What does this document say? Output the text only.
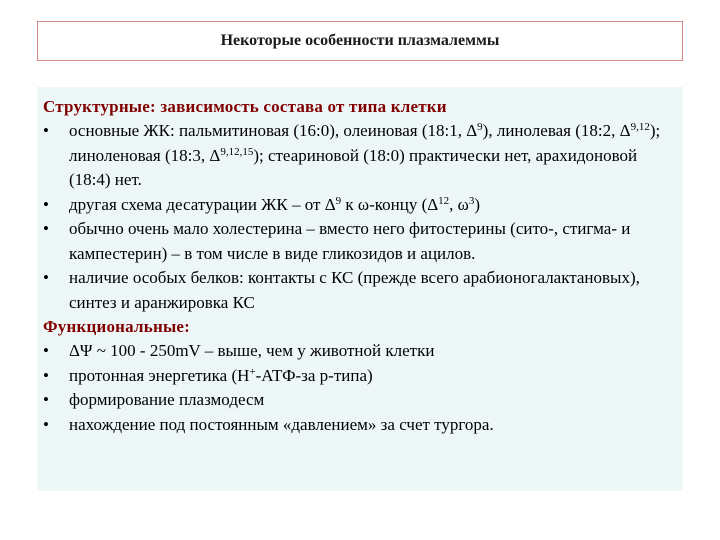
Некоторые особенности плазмалеммы
Структурные: зависимость состава от типа клетки
•	основные ЖК: пальмитиновая (16:0), олеиновая (18:1, $\Delta^9$), линолевая (18:2, Δ$^{9,12}$); линоленовая (18:3, Δ$^{9,12,15}$); стеариновой (18:0) практически нет, арахидоновой (18:4) нет.
•	другая схема десатурации ЖК – от $\Delta^9$ к ω-концу ($\Delta^{12}$, $\omega^3$)
•	обычно очень мало холестерина – вместо него фитостерины (сито-, стигма- и кампестерин) – в том числе в виде гликозидов и ацилов.
•	наличие особых белков: контакты с КС (прежде всего арабионогалактановых), синтез и аранжировка КС
Функциональные:
•	ΔΨ ~ 100 - 250mV – выше, чем у животной клетки
•	протонная энергетика (Н+-АТФ-за р-типа)
•	формирование плазмодесм
•	нахождение под постоянным «давлением» за счет тургора.
